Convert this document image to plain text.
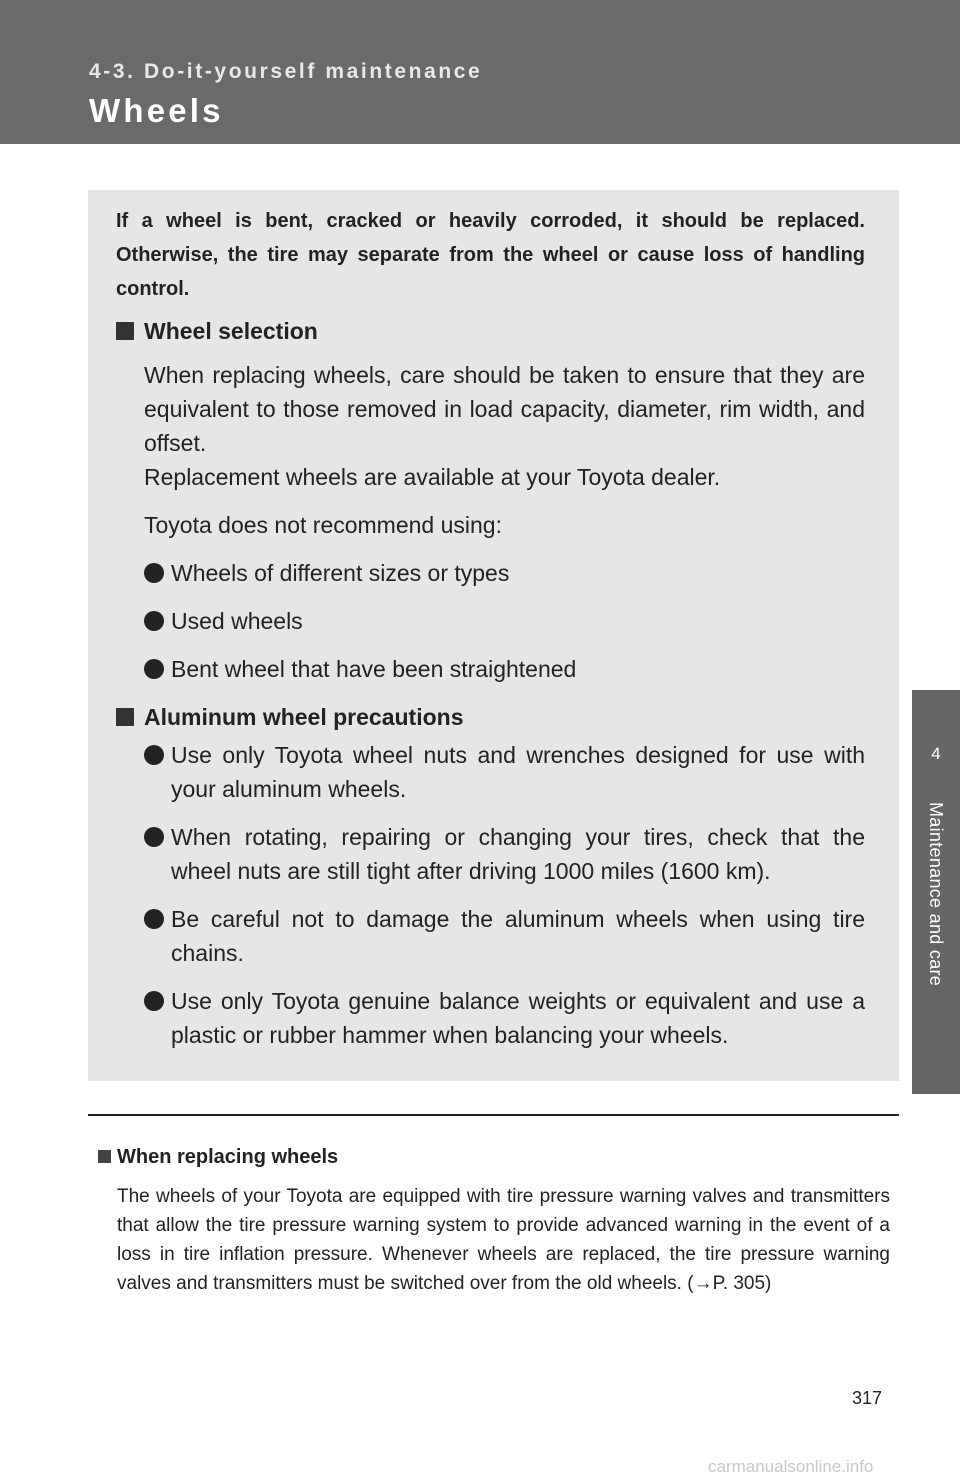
4-3. Do-it-yourself maintenance
Wheels
4
Maintenance and care

If a wheel is bent, cracked or heavily corroded, it should be replaced. Otherwise, the tire may separate from the wheel or cause loss of handling control.

Wheel selection

When replacing wheels, care should be taken to ensure that they are equivalent to those removed in load capacity, diameter, rim width, and offset.

Replacement wheels are available at your Toyota dealer.

Toyota does not recommend using:

Wheels of different sizes or types
Used wheels
Bent wheel that have been straightened
Aluminum wheel precautions
Use only Toyota wheel nuts and wrenches designed for use with your aluminum wheels.
When rotating, repairing or changing your tires, check that the wheel nuts are still tight after driving 1000 miles (1600 km).
Be careful not to damage the aluminum wheels when using tire chains.
Use only Toyota genuine balance weights or equivalent and use a plastic or rubber hammer when balancing your wheels.
When replacing wheels

The wheels of your Toyota are equipped with tire pressure warning valves and transmitters that allow the tire pressure warning system to provide advanced warning in the event of a loss in tire inflation pressure. Whenever wheels are replaced, the tire pressure warning valves and transmitters must be switched over from the old wheels. (→P. 305)

317
carmanualsonline.info
